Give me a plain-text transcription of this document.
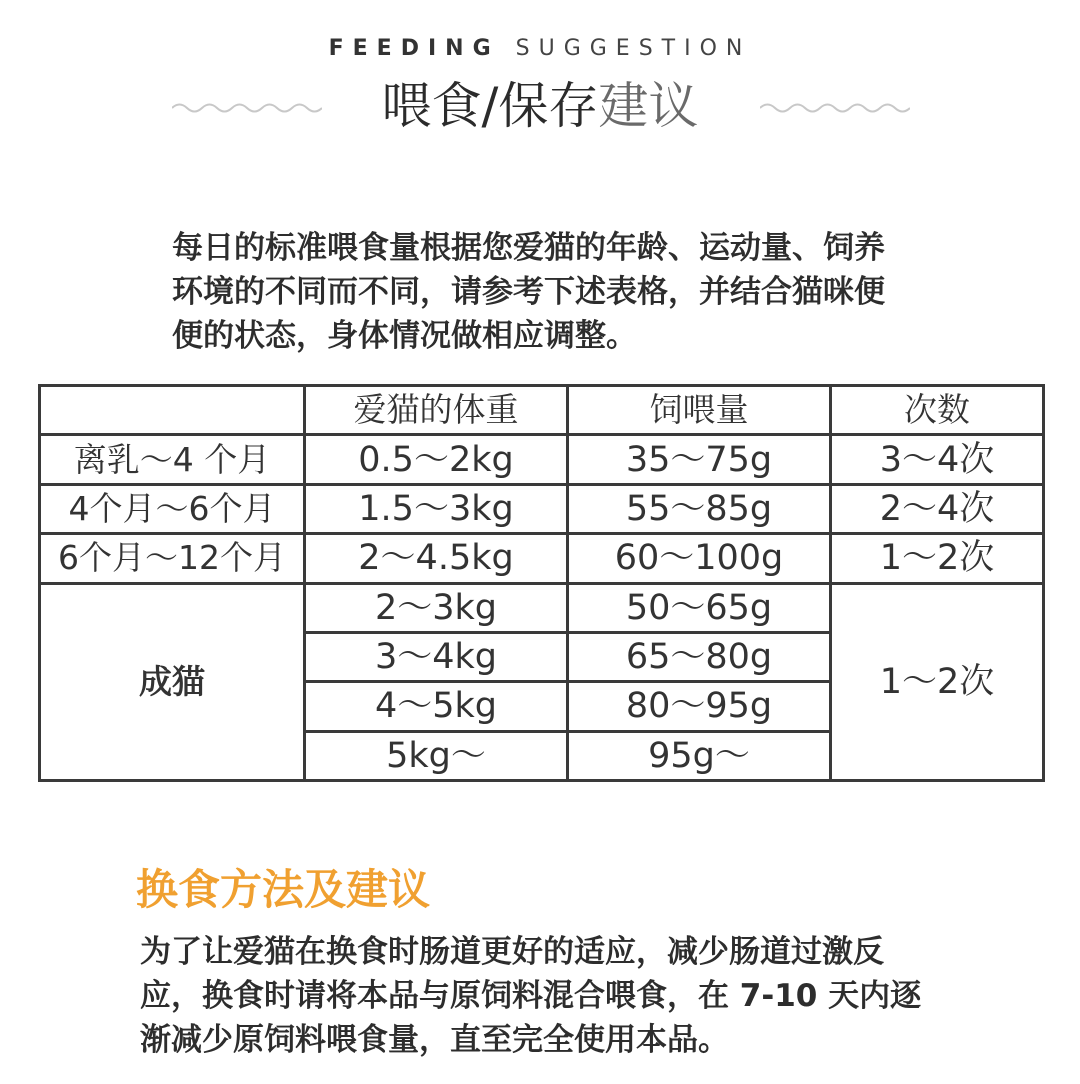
FEEDING SUGGESTION
喂食/保存建议
每日的标准喂食量根据您爱猫的年龄、运动量、饲养环境的不同而不同，请参考下述表格，并结合猫咪便便的状态，身体情况做相应调整。
	爱猫的体重	饲喂量	次数
离乳～4 个月	0.5～2kg	35～75g	3～4次
4个月～6个月	1.5～3kg	55～85g	2～4次
6个月～12个月	2～4.5kg	60～100g	1～2次
成猫	2～3kg	50～65g	1～2次
	3～4kg	65～80g	
	4～5kg	80～95g	
	5kg～	95g～	
换食方法及建议
为了让爱猫在换食时肠道更好的适应，减少肠道过激反应，换食时请将本品与原饲料混合喂食，在 7-10 天内逐渐减少原饲料喂食量，直至完全使用本品。
